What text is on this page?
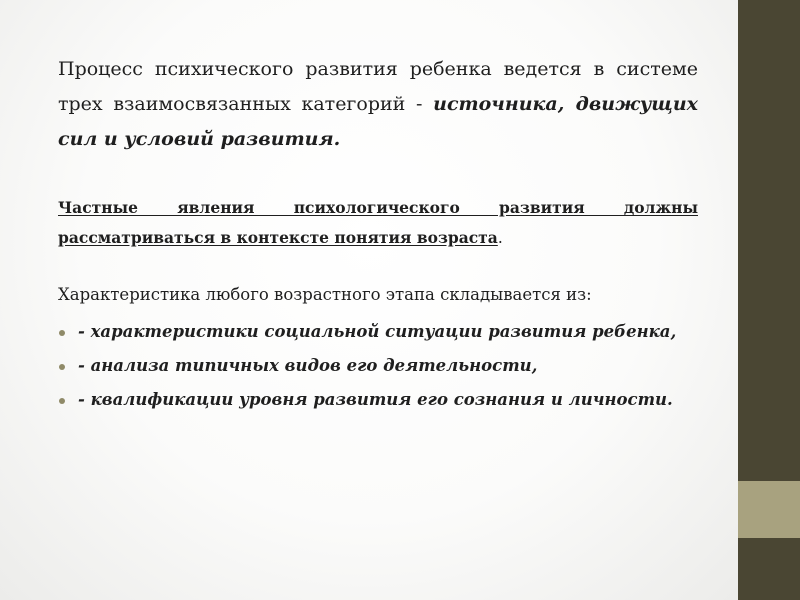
Процесс психического развития ребенка ведется в системе трех взаимосвязанных категорий - источника, движущих сил и условий развития.

Частные явления психологического развития должны рассматриваться в контексте понятия возраста.

Характеристика любого возрастного этапа складывается из:

- характеристики социальной ситуации развития ребенка,
- анализа типичных видов его деятельности,
- квалификации уровня развития его сознания и личности.
